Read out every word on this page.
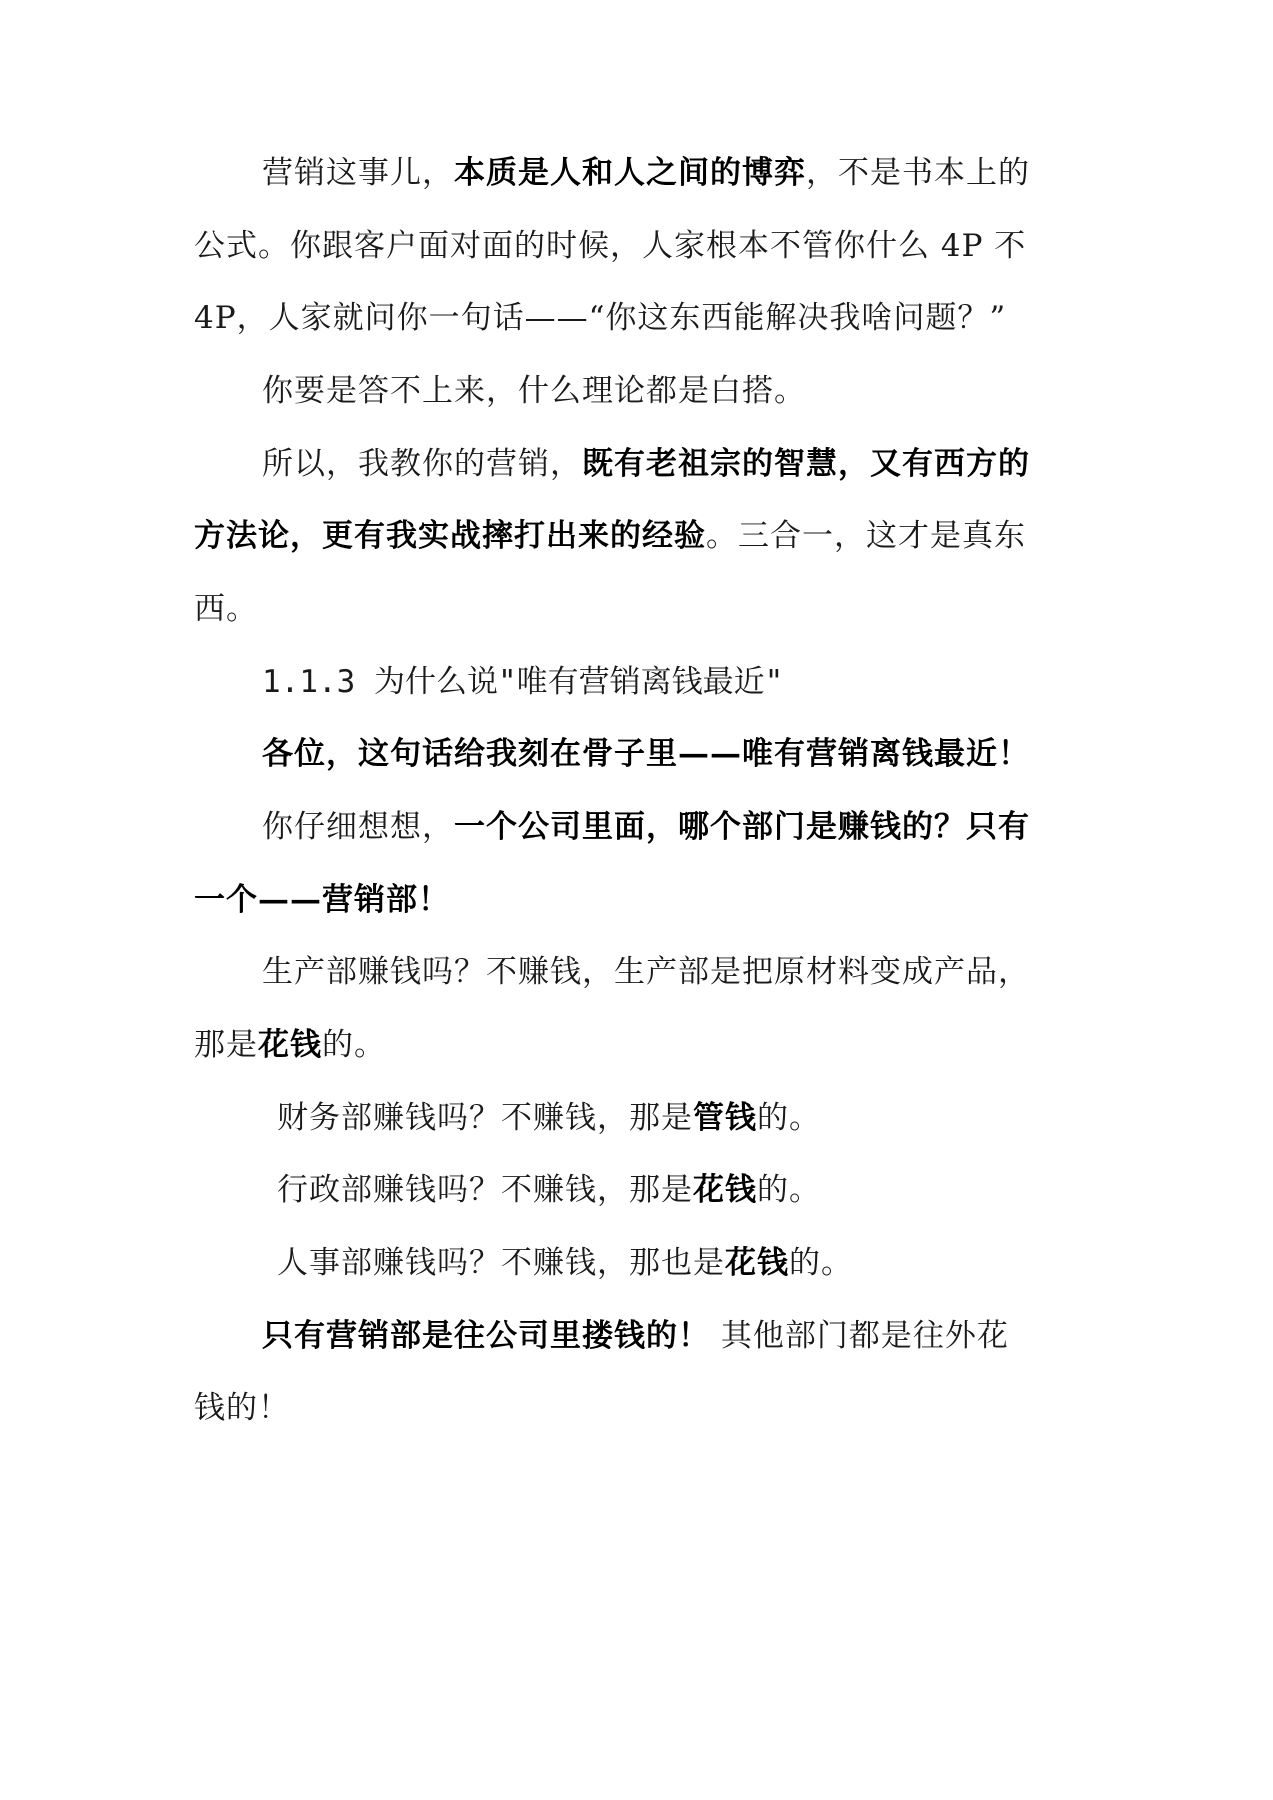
营销这事儿，本质是人和人之间的博弈，不是书本上的
公式。你跟客户面对面的时候，人家根本不管你什么 4P 不
4P，人家就问你一句话——“你这东西能解决我啥问题？”
你要是答不上来，什么理论都是白搭。
所以，我教你的营销，既有老祖宗的智慧，又有西方的
方法论，更有我实战摔打出来的经验。三合一，这才是真东
西。
1.1.3 为什么说"唯有营销离钱最近"
各位，这句话给我刻在骨子里——唯有营销离钱最近！
你仔细想想，一个公司里面，哪个部门是赚钱的？只有
一个——营销部！
生产部赚钱吗？不赚钱，生产部是把原材料变成产品，
那是花钱的。
财务部赚钱吗？不赚钱，那是管钱的。
行政部赚钱吗？不赚钱，那是花钱的。
人事部赚钱吗？不赚钱，那也是花钱的。
只有营销部是往公司里搂钱的！ 其他部门都是往外花
钱的！
